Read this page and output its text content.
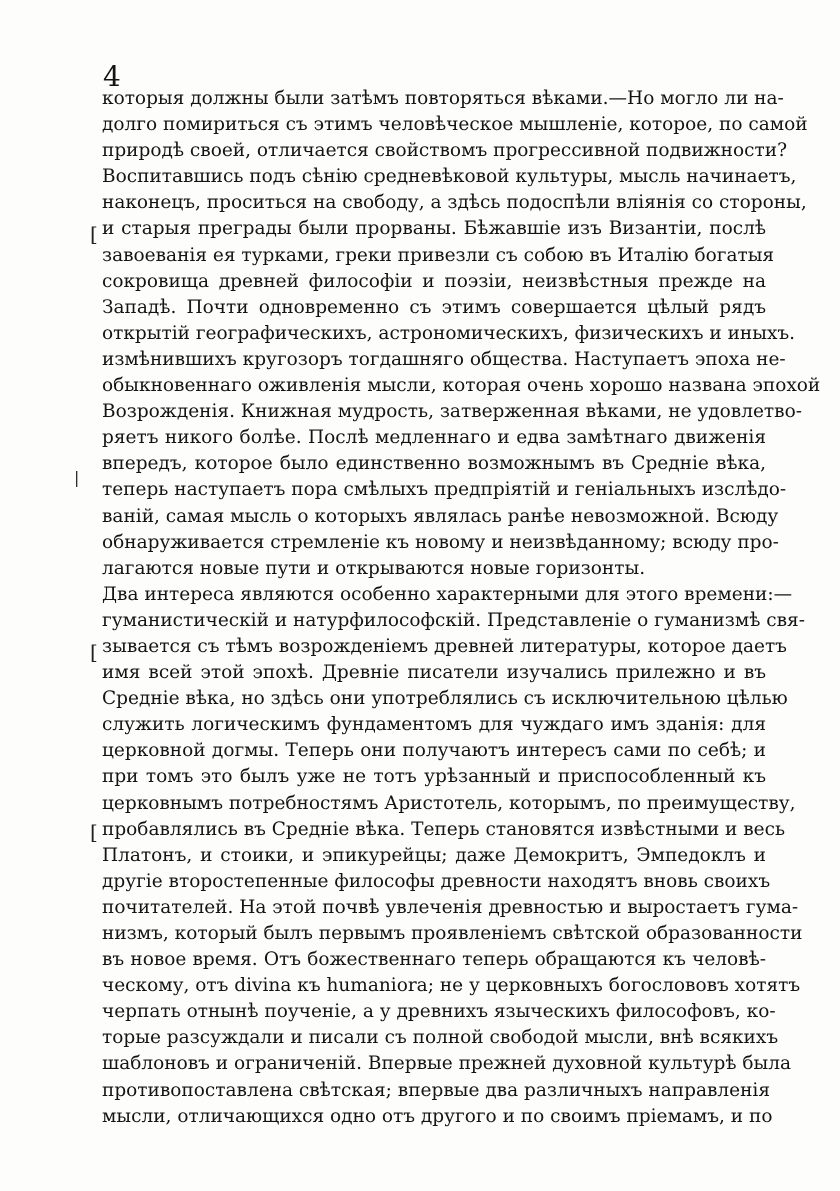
4
[
|
[
[
которыя должны были затѣмъ повторяться вѣками.—Но могло ли на-
долго помириться съ этимъ человѣческое мышленіе, которое, по самой
природѣ своей, отличается свойствомъ прогрессивной подвижности?
Воспитавшись подъ сѣнію средневѣковой культуры, мысль начинаетъ,
наконецъ, проситься на свободу, а здѣсь подоспѣли вліянія со стороны,
и старыя преграды были прорваны. Бѣжавшіе изъ Византіи, послѣ
завоеванія ея турками, греки привезли съ собою въ Италію богатыя
сокровища древней философіи и поэзіи, неизвѣстныя прежде на
Западѣ. Почти одновременно съ этимъ совершается цѣлый рядъ
открытій географическихъ, астрономическихъ, физическихъ и иныхъ.
измѣнившихъ кругозоръ тогдашняго общества. Наступаетъ эпоха не-
обыкновеннаго оживленія мысли, которая очень хорошо названа эпохой
Возрожденія. Книжная мудрость, затверженная вѣками, не удовлетво-
ряетъ никого болѣе. Послѣ медленнаго и едва замѣтнаго движенія
впередъ, которое было единственно возможнымъ въ Средніе вѣка,
теперь наступаетъ пора смѣлыхъ предпріятій и геніальныхъ изслѣдо-
ваній, самая мысль о которыхъ являлась ранѣе невозможной. Всюду
обнаруживается стремленіе къ новому и неизвѣданному; всюду про-
лагаются новые пути и открываются новые горизонты.
Два интереса являются особенно характерными для этого времени:—
гуманистическій и натурфилософскій. Представленіе о гуманизмѣ свя-
зывается съ тѣмъ возрожденіемъ древней литературы, которое даетъ
имя всей этой эпохѣ. Древніе писатели изучались прилежно и въ
Средніе вѣка, но здѣсь они употреблялись съ исключительною цѣлью
служить логическимъ фундаментомъ для чуждаго имъ зданія: для
церковной догмы. Теперь они получаютъ интересъ сами по себѣ; и
при томъ это былъ уже не тотъ урѣзанный и приспособленный къ
церковнымъ потребностямъ Аристотель, которымъ, по преимуществу,
пробавлялись въ Средніе вѣка. Теперь становятся извѣстными и весь
Платонъ, и стоики, и эпикурейцы; даже Демокритъ, Эмпедоклъ и
другіе второстепенные философы древности находятъ вновь своихъ
почитателей. На этой почвѣ увлеченія древностью и выростаетъ гума-
низмъ, который былъ первымъ проявленіемъ свѣтской образованности
въ новое время. Отъ божественнаго теперь обращаются къ человѣ-
ческому, отъ divina къ humaniora; не у церковныхъ богослововъ хотятъ
черпать отнынѣ поученіе, а у древнихъ языческихъ философовъ, ко-
торые разсуждали и писали съ полной свободой мысли, внѣ всякихъ
шаблоновъ и ограниченій. Впервые прежней духовной культурѣ была
противопоставлена свѣтская; впервые два различныхъ направленія
мысли, отличающихся одно отъ другого и по своимъ пріемамъ, и по
